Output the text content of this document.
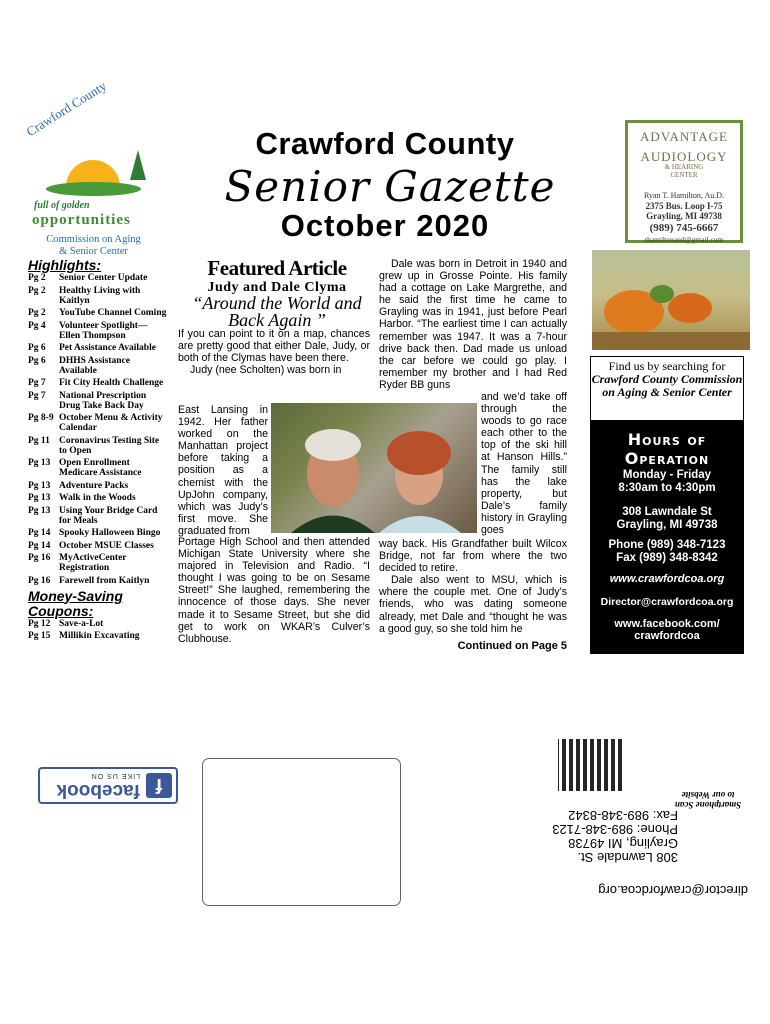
Crawford County
full of golden
opportunities
Commission on Aging
& Senior Center
Crawford County
Senior Gazette
October 2020
ADVANTAGE
AUDIOLOGY
& HEARING
CENTER
Ryan T. Hamilton, Au.D.
2375 Bus. Loop I-75
Grayling, MI 49738
(989) 745-6667
rhamiltonaud@gmail.com
Highlights:
Pg 2	Senior Center Update
Pg 2	Healthy Living with Kaitlyn
Pg 2	YouTube Channel Coming
Pg 4	Volunteer Spotlight—Ellen Thompson
Pg 6	Pet Assistance Available
Pg 6	DHHS Assistance Available
Pg 7	Fit City Health Challenge
Pg 7	National Prescription Drug Take Back Day
Pg 8-9 October Menu & Activity Calendar
Pg 11 Coronavirus Testing Site to Open
Pg 13 Open Enrollment Medicare Assistance
Pg 13 Adventure Packs
Pg 13 Walk in the Woods
Pg 13 Using Your Bridge Card for Meals
Pg 14 Spooky Halloween Bingo
Pg 14 October MSUE Classes
Pg 16 MyActiveCenter Registration
Pg 16 Farewell from Kaitlyn
Money-Saving Coupons:
Pg 12 Save-a-Lot
Pg 15 Millikin Excavating
Featured Article
Judy and Dale Clyma
“Around the World and Back Again ”
If you can point to it on a map, chances are pretty good that either Dale, Judy, or both of the Clymas have been there.
Judy (nee Scholten) was born in
East Lansing in 1942. Her father worked on the Manhattan project before taking a position as a chemist with the UpJohn company, which was Judy’s first move. She graduated from
Portage High School and then attended Michigan State University where she majored in Television and Radio. “I thought I was going to be on Sesame Street!” She laughed, remembering the innocence of those days. She never made it to Sesame Street, but she did get to work on WKAR’s Culver’s Clubhouse.
Dale was born in Detroit in 1940 and grew up in Grosse Pointe. His family had a cottage on Lake Margrethe, and he said the first time he came to Grayling was in 1941, just before Pearl Harbor. “The earliest time I can actually remember was 1947. It was a 7-hour drive back then. Dad made us unload the car before we could go play. I remember my brother and I had Red Ryder BB guns
and we’d take off through the woods to go race each other to the top of the ski hill at Hanson Hills.” The family still has the lake property, but Dale’s family history in Grayling goes
way back. His Grandfather built Wilcox Bridge, not far from where the two decided to retire.
Dale also went to MSU, which is where the couple met. One of Judy’s friends, who was dating someone already, met Dale and “thought he was a good guy, so she told him he
Continued on Page 5
Find us by searching for Crawford County Commission on Aging & Senior Center
Hours of Operation
Monday - Friday
8:30am to 4:30pm
308 Lawndale St
Grayling, MI 49738
Phone (989) 348-7123
Fax (989) 348-8342
www.crawfordcoa.org
Director@crawfordcoa.org
www.facebook.com/
crawfordcoa
f
facebook
LIKE US ON
director@crawfordcoa.org
308 Lawndale St.
Grayling, MI 49738
Phone: 989-348-7123
Fax: 989-348-8342
Smartphone Scan
to our Website
